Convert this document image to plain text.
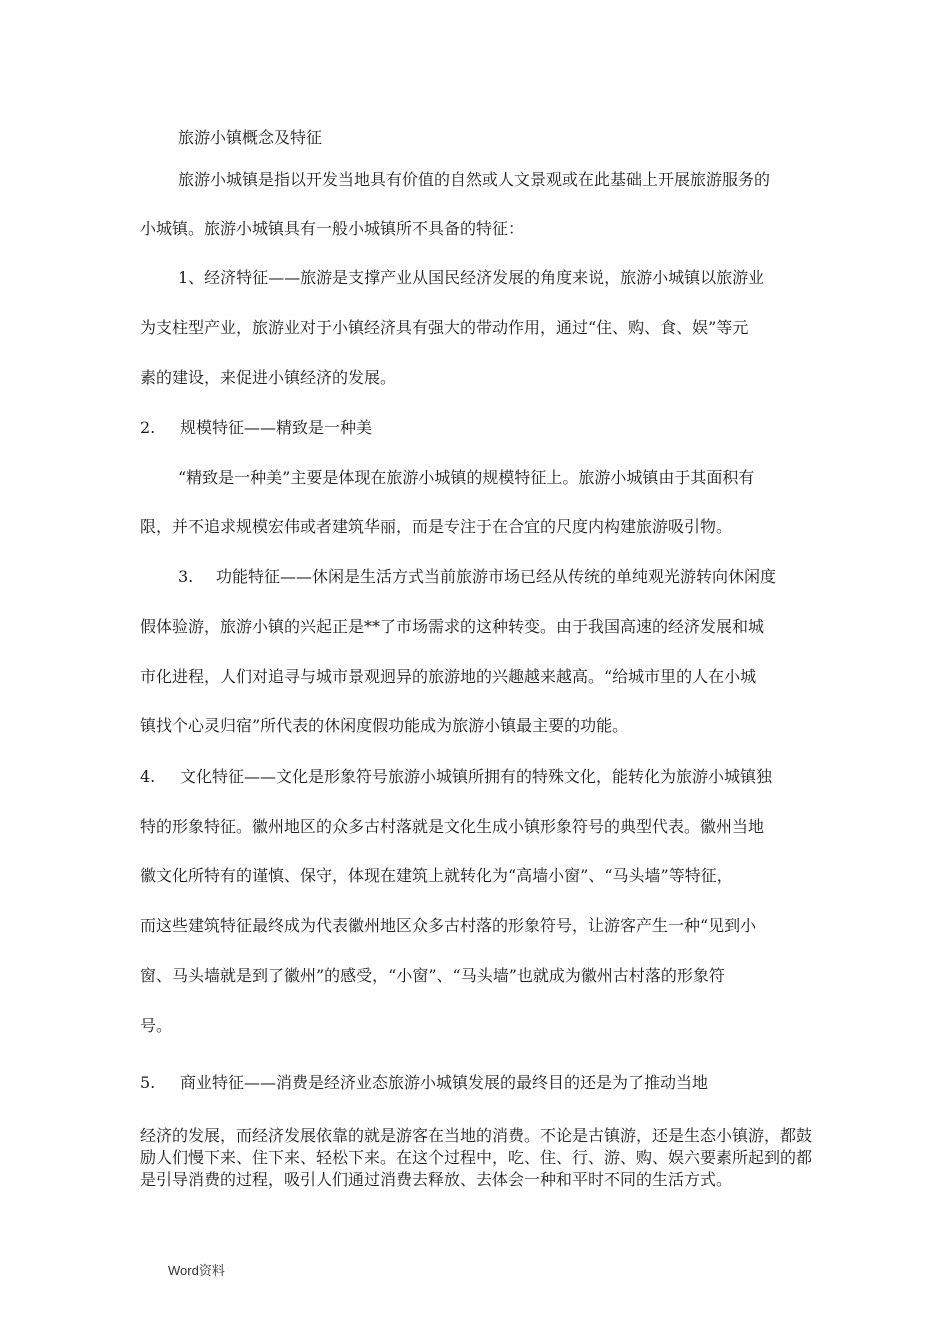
旅游小镇概念及特征
旅游小城镇是指以开发当地具有价值的自然或人文景观或在此基础上开展旅游服务的
小城镇。旅游小城镇具有一般小城镇所不具备的特征：
1、经济特征——旅游是支撑产业从国民经济发展的角度来说，旅游小城镇以旅游业
为支柱型产业，旅游业对于小镇经济具有强大的带动作用，通过“住、购、食、娱”等元
素的建设，来促进小镇经济的发展。
2. 规模特征——精致是一种美
“精致是一种美”主要是体现在旅游小城镇的规模特征上。旅游小城镇由于其面积有
限，并不追求规模宏伟或者建筑华丽，而是专注于在合宜的尺度内构建旅游吸引物。
3. 功能特征——休闲是生活方式当前旅游市场已经从传统的单纯观光游转向休闲度
假体验游，旅游小镇的兴起正是**了市场需求的这种转变。由于我国高速的经济发展和城
市化进程，人们对追寻与城市景观迥异的旅游地的兴趣越来越高。“给城市里的人在小城
镇找个心灵归宿”所代表的休闲度假功能成为旅游小镇最主要的功能。
4. 文化特征——文化是形象符号旅游小城镇所拥有的特殊文化，能转化为旅游小城镇独
特的形象特征。徽州地区的众多古村落就是文化生成小镇形象符号的典型代表。徽州当地
徽文化所特有的谨慎、保守，体现在建筑上就转化为“高墙小窗”、“马头墙”等特征，
而这些建筑特征最终成为代表徽州地区众多古村落的形象符号，让游客产生一种“见到小
窗、马头墙就是到了徽州”的感受，“小窗”、“马头墙”也就成为徽州古村落的形象符
号。
5. 商业特征——消费是经济业态旅游小城镇发展的最终目的还是为了推动当地
经济的发展，而经济发展依靠的就是游客在当地的消费。不论是古镇游，还是生态小镇游，都鼓励人们慢下来、住下来、轻松下来。在这个过程中，吃、住、行、游、购、娱六要素所起到的都是引导消费的过程，吸引人们通过消费去释放、去体会一种和平时不同的生活方式。
Word资料
